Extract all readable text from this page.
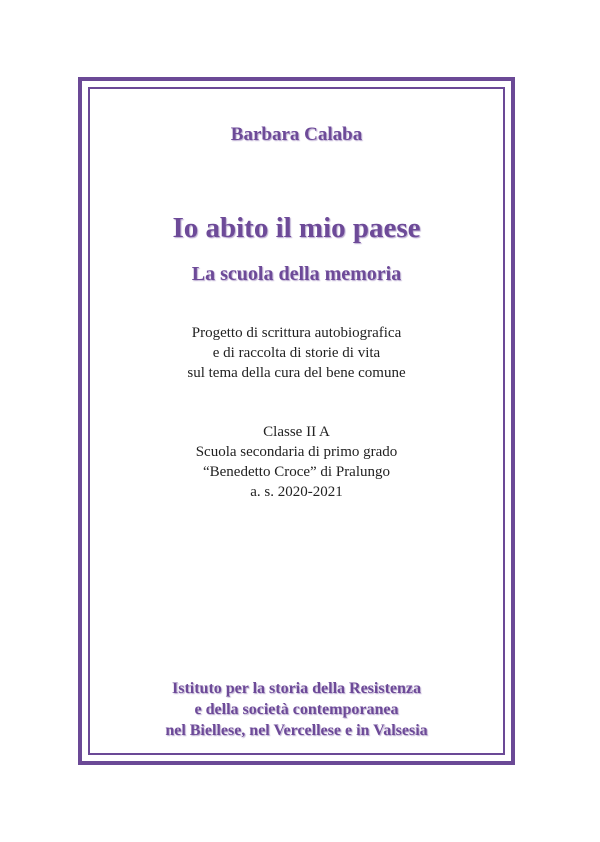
Barbara Calaba
Io abito il mio paese
La scuola della memoria
Progetto di scrittura autobiografica
e di raccolta di storie di vita
sul tema della cura del bene comune
Classe II A
Scuola secondaria di primo grado
“Benedetto Croce” di Pralungo
a. s. 2020-2021
Istituto per la storia della Resistenza
e della società contemporanea
nel Biellese, nel Vercellese e in Valsesia
